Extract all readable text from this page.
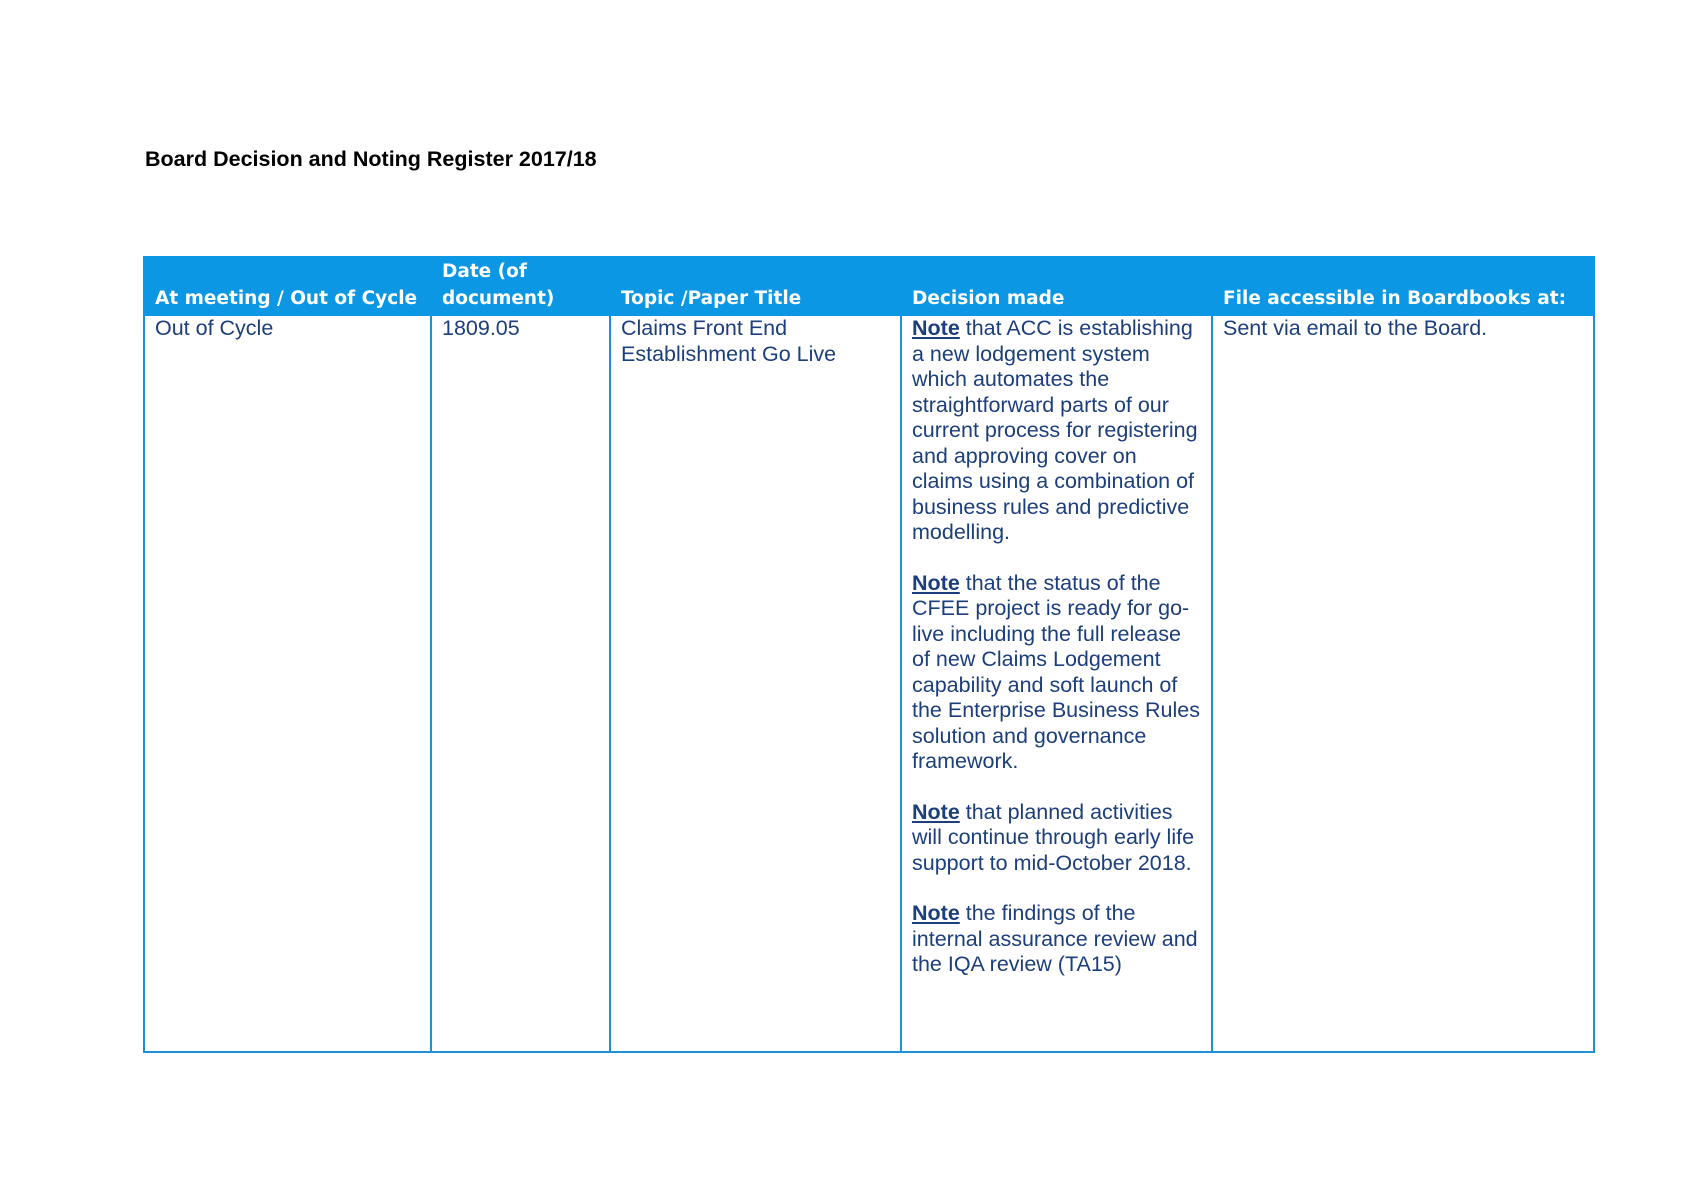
Board Decision and Noting Register 2017/18
At meeting / Out of Cycle	Date (of document)	Topic /Paper Title	Decision made	File accessible in Boardbooks at:
Out of Cycle	1809.05	Claims Front End Establishment Go Live	Note that ACC is establishing a new lodgement system which automates the straightforward parts of our current process for registering and approving cover on claims using a combination of business rules and predictive modelling.

Note that the status of the CFEE project is ready for go-live including the full release of new Claims Lodgement capability and soft launch of the Enterprise Business Rules solution and governance framework.

Note that planned activities will continue through early life support to mid-October 2018.

Note the findings of the internal assurance review and the IQA review (TA15)	Sent via email to the Board.
